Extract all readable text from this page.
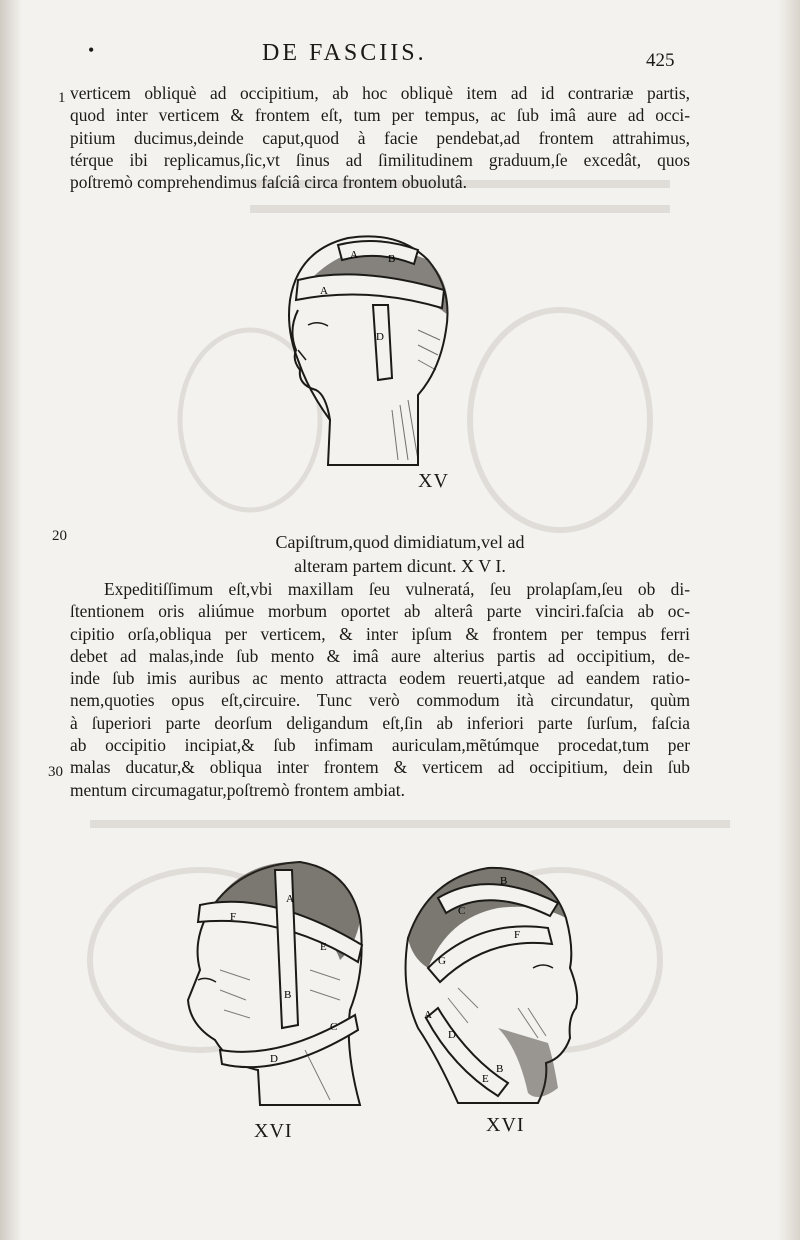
•	DE FASCIIS.	425
1 verticem obliquè ad occipitium, ab hoc obliquè item ad id contrariæ partis,
quod inter verticem & frontem eſt, tum per tempus, ac ſub imâ aure ad occi-
pitium ducimus,deinde caput,quod à facie pendebat,ad frontem attrahimus,
térque ibi replicamus,ſic,vt ſinus ad ſimilitudinem graduum,ſe excedât, quos
poſtremò comprehendimus faſciâ circa frontem obuolutâ.
A	B
A
D
XV
20	Capiſtrum,quod dimidiatum,vel ad
alteram partem dicunt. X V I.
Expeditiſſimum eſt,vbi maxillam ſeu vulneratá, ſeu prolapſam,ſeu ob di-
ſtentionem oris aliúmue morbum oportet ab alterâ parte vinciri.faſcia ab oc-
cipitio orſa,obliqua per verticem, & inter ipſum & frontem per tempus ferri
debet ad malas,inde ſub mento & imâ aure alterius partis ad occipitium, de-
inde ſub imis auribus ac mento attracta eodem reuerti,atque ad eandem ratio-
nem,quoties opus eſt,circuire. Tunc verò commodum ità circundatur, quùm
à ſuperiori parte deorſum deligandum eſt,ſin ab inferiori parte ſurſum, faſcia
ab occipitio incipiat,& ſub infimam auriculam,mẽtúmque procedat,tum per
malas ducatur,& obliqua inter frontem & verticem ad occipitium, dein ſub
mentum circumagatur,poſtremò frontem ambiat.
30
A
F
E
B
C
D
XVI
B
C
G
F
D
A
E
B
XVI
